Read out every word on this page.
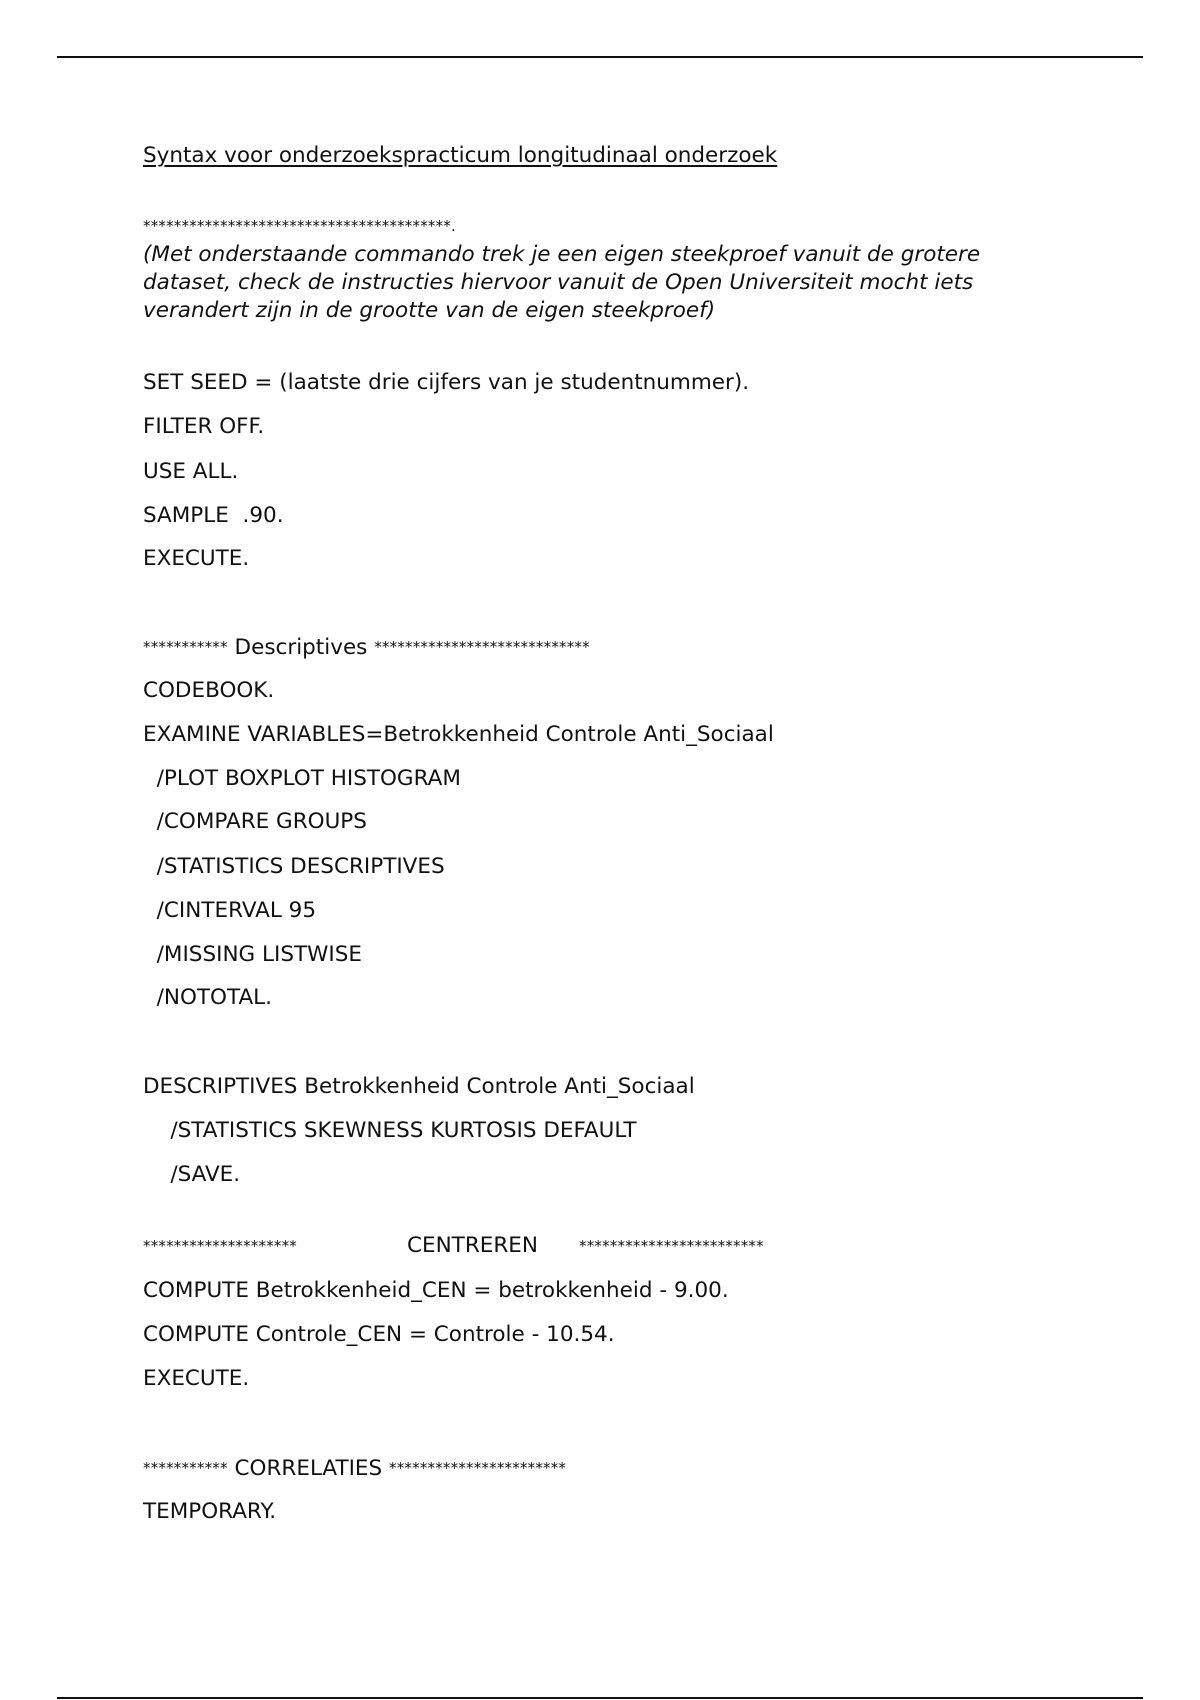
Syntax voor onderzoekspracticum longitudinaal onderzoek
****************************************.
(Met onderstaande commando trek je een eigen steekproef vanuit de grotere dataset, check de instructies hiervoor vanuit de Open Universiteit mocht iets verandert zijn in de grootte van de eigen steekproef)
SET SEED = (laatste drie cijfers van je studentnummer).
FILTER OFF.
USE ALL.
SAMPLE  .90.
EXECUTE.
*********** Descriptives ****************************
CODEBOOK.
EXAMINE VARIABLES=Betrokkenheid Controle Anti_Sociaal
/PLOT BOXPLOT HISTOGRAM
/COMPARE GROUPS
/STATISTICS DESCRIPTIVES
/CINTERVAL 95
/MISSING LISTWISE
/NOTOTAL.
DESCRIPTIVES Betrokkenheid Controle Anti_Sociaal
/STATISTICS SKEWNESS KURTOSIS DEFAULT
/SAVE.

********************

	CENTREREN

	************************

COMPUTE Betrokkenheid_CEN = betrokkenheid - 9.00.
COMPUTE Controle_CEN = Controle - 10.54.
EXECUTE.
*********** CORRELATIES ***********************
TEMPORARY.
